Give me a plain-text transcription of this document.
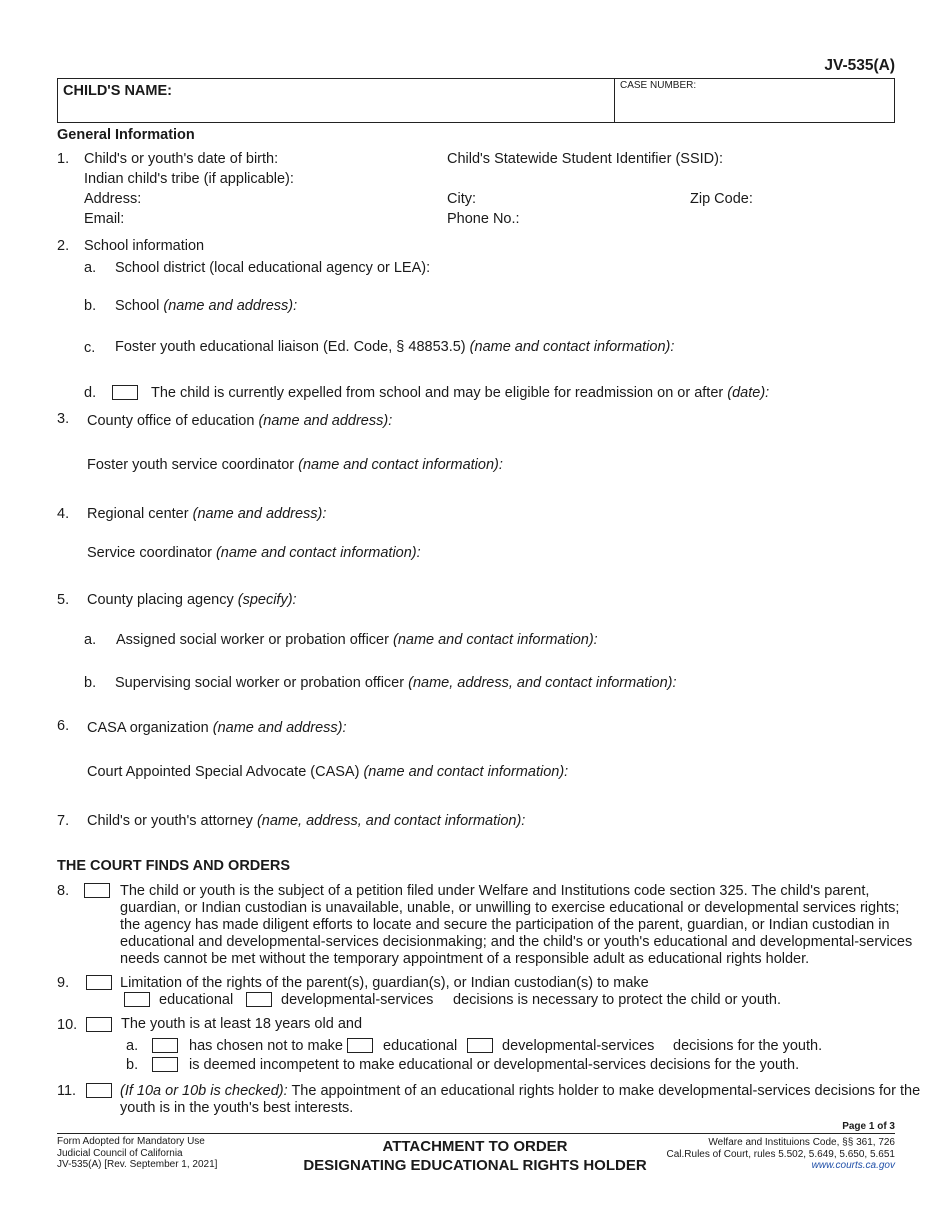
JV-535(A)
CHILD'S NAME:	CASE NUMBER:
General Information
1. Child's or youth's date of birth:	Child's Statewide Student Identifier (SSID):
Indian child's tribe (if applicable):
Address:	City:	Zip Code:
Email:	Phone No.:
2. School information
a. School district (local educational agency or LEA):
b. School (name and address):
c. Foster youth educational liaison (Ed. Code, § 48853.5) (name and contact information):
d.	The child is currently expelled from school and may be eligible for readmission on or after (date):
3. County office of education (name and address):
Foster youth service coordinator (name and contact information):
4. Regional center (name and address):
Service coordinator (name and contact information):
5. County placing agency (specify):
a. Assigned social worker or probation officer (name and contact information):
b. Supervising social worker or probation officer (name, address, and contact information):
6. CASA organization (name and address):
Court Appointed Special Advocate (CASA) (name and contact information):
7. Child's or youth's attorney (name, address, and contact information):
THE COURT FINDS AND ORDERS
8.	The child or youth is the subject of a petition filed under Welfare and Institutions code section 325. The child's parent,
guardian, or Indian custodian is unavailable, unable, or unwilling to exercise educational or developmental services rights;
the agency has made diligent efforts to locate and secure the participation of the parent, guardian, or Indian custodian in
educational and developmental-services decisionmaking; and the child's or youth's educational and developmental-services
needs cannot be met without the temporary appointment of a responsible adult as educational rights holder.
9.	Limitation of the rights of the parent(s), guardian(s), or Indian custodian(s) to make
educational	developmental-services decisions is necessary to protect the child or youth.
10.	The youth is at least 18 years old and
a.	has chosen not to make	educational	developmental-services decisions for the youth.
b.	is deemed incompetent to make educational or developmental-services decisions for the youth.
11.	(If 10a or 10b is checked): The appointment of an educational rights holder to make developmental-services decisions for the
youth is in the youth's best interests.
Page 1 of 3
Form Adopted for Mandatory Use
Judicial Council of California
JV-535(A) [Rev. September 1, 2021]
ATTACHMENT TO ORDER
DESIGNATING EDUCATIONAL RIGHTS HOLDER
Welfare and Instituions Code, §§ 361, 726
Cal.Rules of Court, rules 5.502, 5.649, 5.650, 5.651
www.courts.ca.gov
